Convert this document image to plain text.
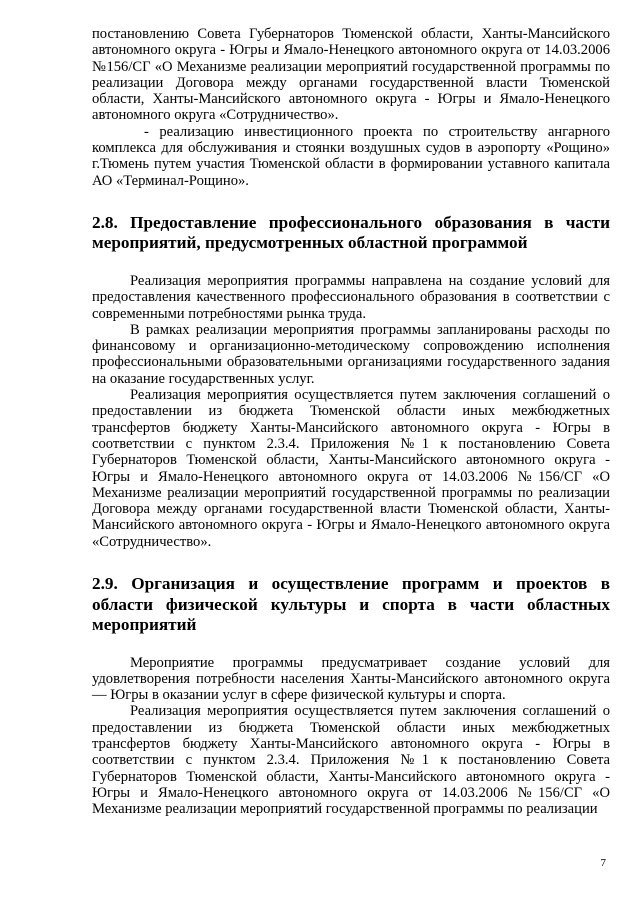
постановлению Совета Губернаторов Тюменской области, Ханты-Мансийского автономного округа - Югры и Ямало-Ненецкого автономного округа от 14.03.2006 №156/СГ «О Механизме реализации мероприятий государственной программы по реализации Договора между органами государственной власти Тюменской области, Ханты-Мансийского автономного округа - Югры и Ямало-Ненецкого автономного округа «Сотрудничество».

- реализацию инвестиционного проекта по строительству ангарного комплекса для обслуживания и стоянки воздушных судов в аэропорту «Рощино» г.Тюмень путем участия Тюменской области в формировании уставного капитала АО «Терминал-Рощино».

2.8. Предоставление профессионального образования в части мероприятий, предусмотренных областной программой

Реализация мероприятия программы направлена на создание условий для предоставления качественного профессионального образования в соответствии с современными потребностями рынка труда.

В рамках реализации мероприятия программы запланированы расходы по финансовому и организационно-методическому сопровождению исполнения профессиональными образовательными организациями государственного задания на оказание государственных услуг.

Реализация мероприятия осуществляется путем заключения соглашений о предоставлении из бюджета Тюменской области иных межбюджетных трансфертов бюджету Ханты-Мансийского автономного округа - Югры в соответствии с пунктом 2.3.4. Приложения №1 к постановлению Совета Губернаторов Тюменской области, Ханты-Мансийского автономного округа - Югры и Ямало-Ненецкого автономного округа от 14.03.2006 №156/СГ «О Механизме реализации мероприятий государственной программы по реализации Договора между органами государственной власти Тюменской области, Ханты-Мансийского автономного округа - Югры и Ямало-Ненецкого автономного округа «Сотрудничество».

2.9. Организация и осуществление программ и проектов в области физической культуры и спорта в части областных мероприятий

Мероприятие программы предусматривает создание условий для удовлетворения потребности населения Ханты-Мансийского автономного округа — Югры в оказании услуг в сфере физической культуры и спорта.

Реализация мероприятия осуществляется путем заключения соглашений о предоставлении из бюджета Тюменской области иных межбюджетных трансфертов бюджету Ханты-Мансийского автономного округа - Югры в соответствии с пунктом 2.3.4. Приложения №1 к постановлению Совета Губернаторов Тюменской области, Ханты-Мансийского автономного округа - Югры и Ямало-Ненецкого автономного округа от 14.03.2006 №156/СГ «О Механизме реализации мероприятий государственной программы по реализации

7
